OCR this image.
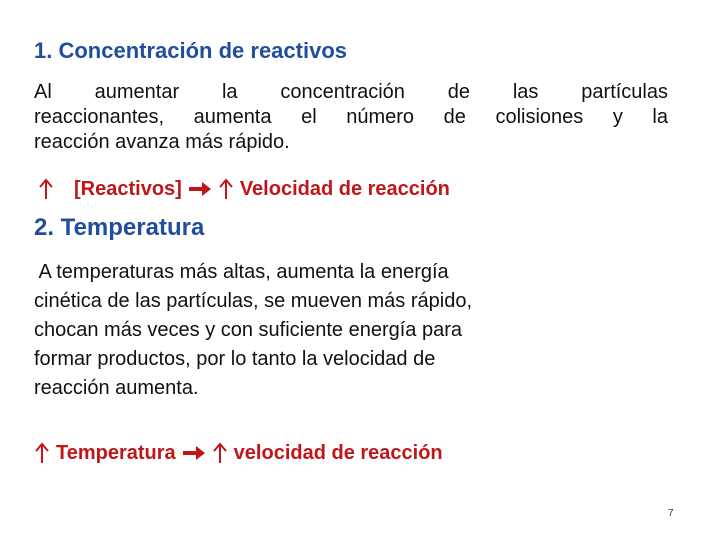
1. Concentración de reactivos
Al aumentar la concentración de las partículas
reaccionantes, aumenta el número de colisiones y la
reacción avanza más rápido.
[Reactivos]	Velocidad de reacción
2. Temperatura
A temperaturas más altas, aumenta la energía
cinética de las partículas, se mueven más rápido,
chocan más veces y con suficiente energía para
formar productos, por lo tanto la velocidad de
reacción aumenta.
Temperatura	velocidad de reacción
7
